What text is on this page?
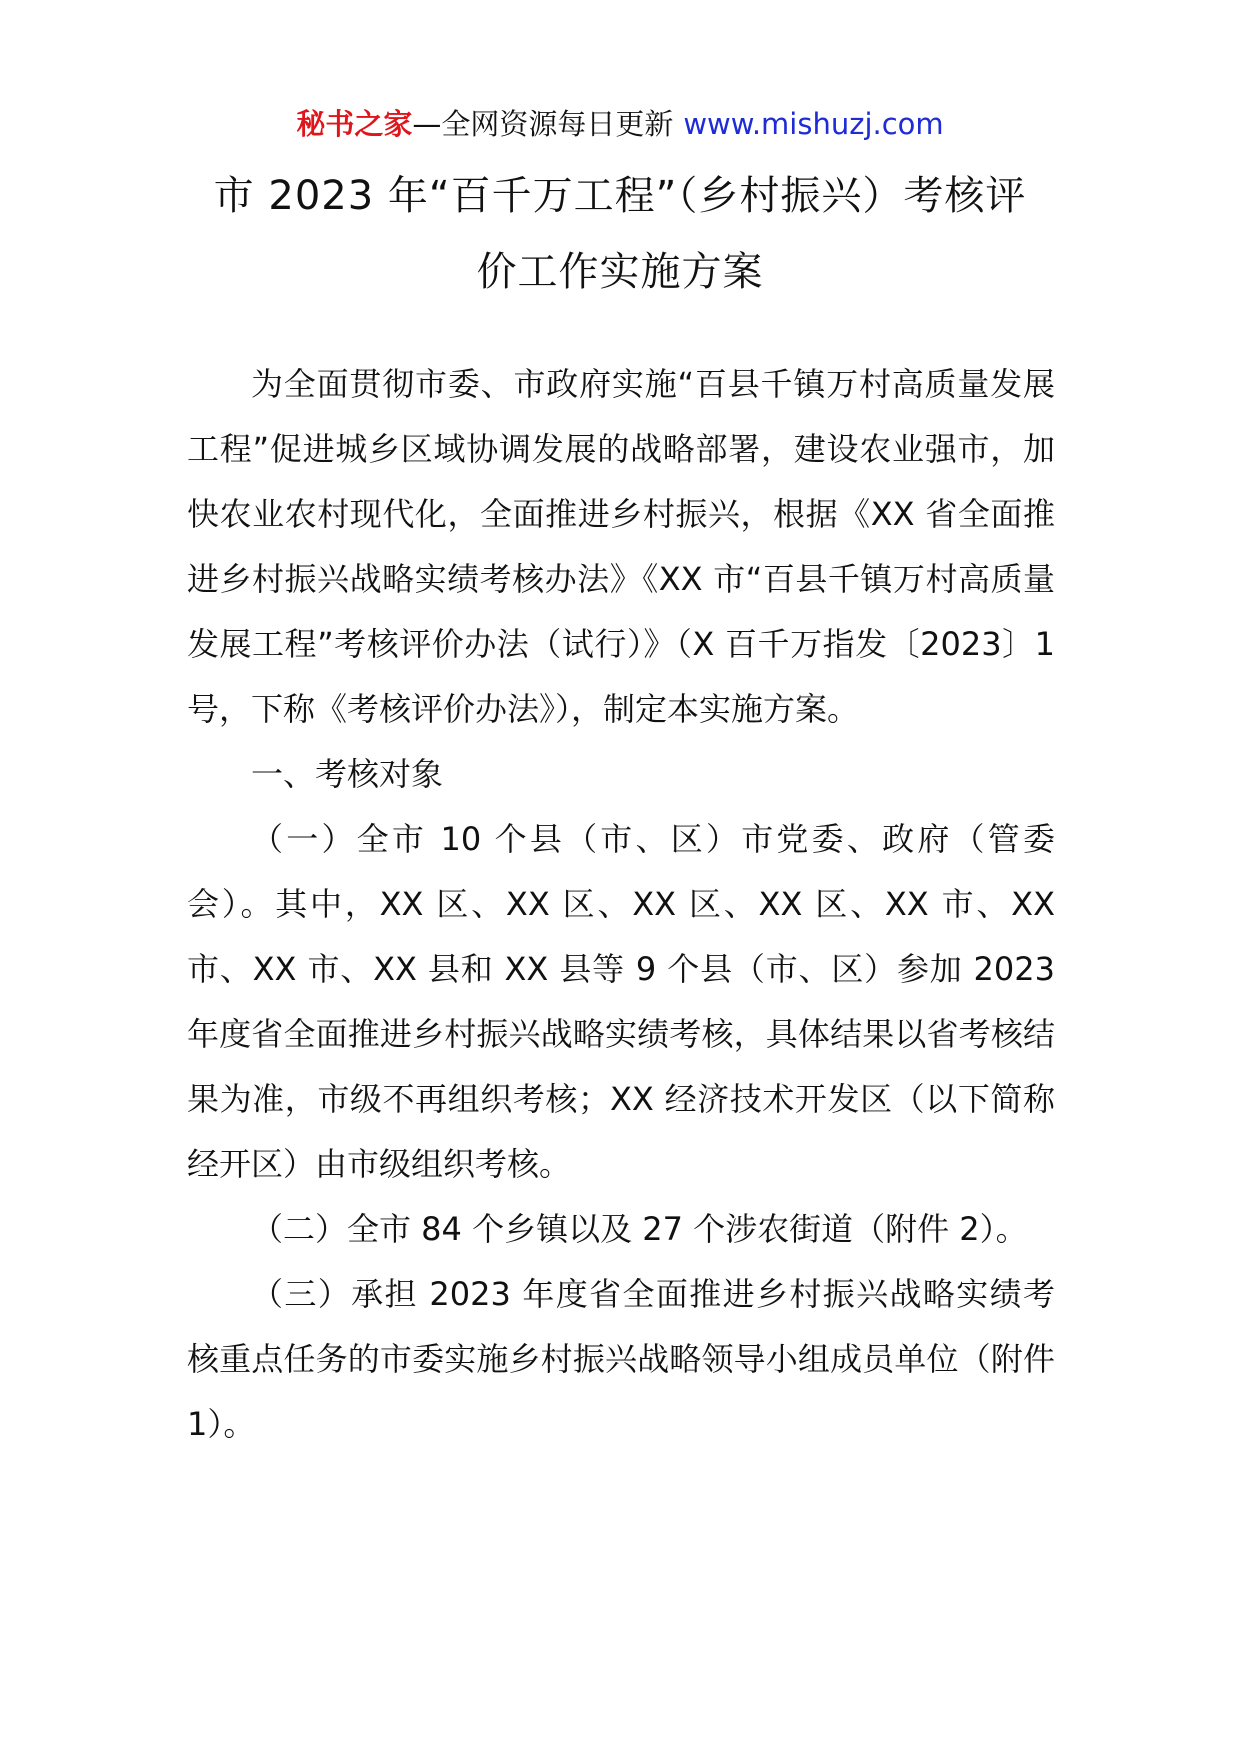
秘书之家—全网资源每日更新 www.mishuzj.com
市 2023 年“百千万工程”（乡村振兴）考核评
价工作实施方案

为全面贯彻市委、市政府实施“百县千镇万村高质量发展工程”促进城乡区域协调发展的战略部署，建设农业强市，加快农业农村现代化，全面推进乡村振兴，根据《XX 省全面推进乡村振兴战略实绩考核办法》《XX 市“百县千镇万村高质量发展工程”考核评价办法（试行）》（X 百千万指发〔2023〕1 号，下称《考核评价办法》），制定本实施方案。

一、考核对象

（一）全市 10 个县（市、区）市党委、政府（管委会）。其中，XX 区、XX 区、XX 区、XX 区、XX 市、XX 市、XX 市、XX 县和 XX 县等 9 个县（市、区）参加 2023 年度省全面推进乡村振兴战略实绩考核，具体结果以省考核结果为准，市级不再组织考核；XX 经济技术开发区（以下简称经开区）由市级组织考核。

（二）全市 84 个乡镇以及 27 个涉农街道（附件 2）。

（三）承担 2023 年度省全面推进乡村振兴战略实绩考核重点任务的市委实施乡村振兴战略领导小组成员单位（附件 1）。
